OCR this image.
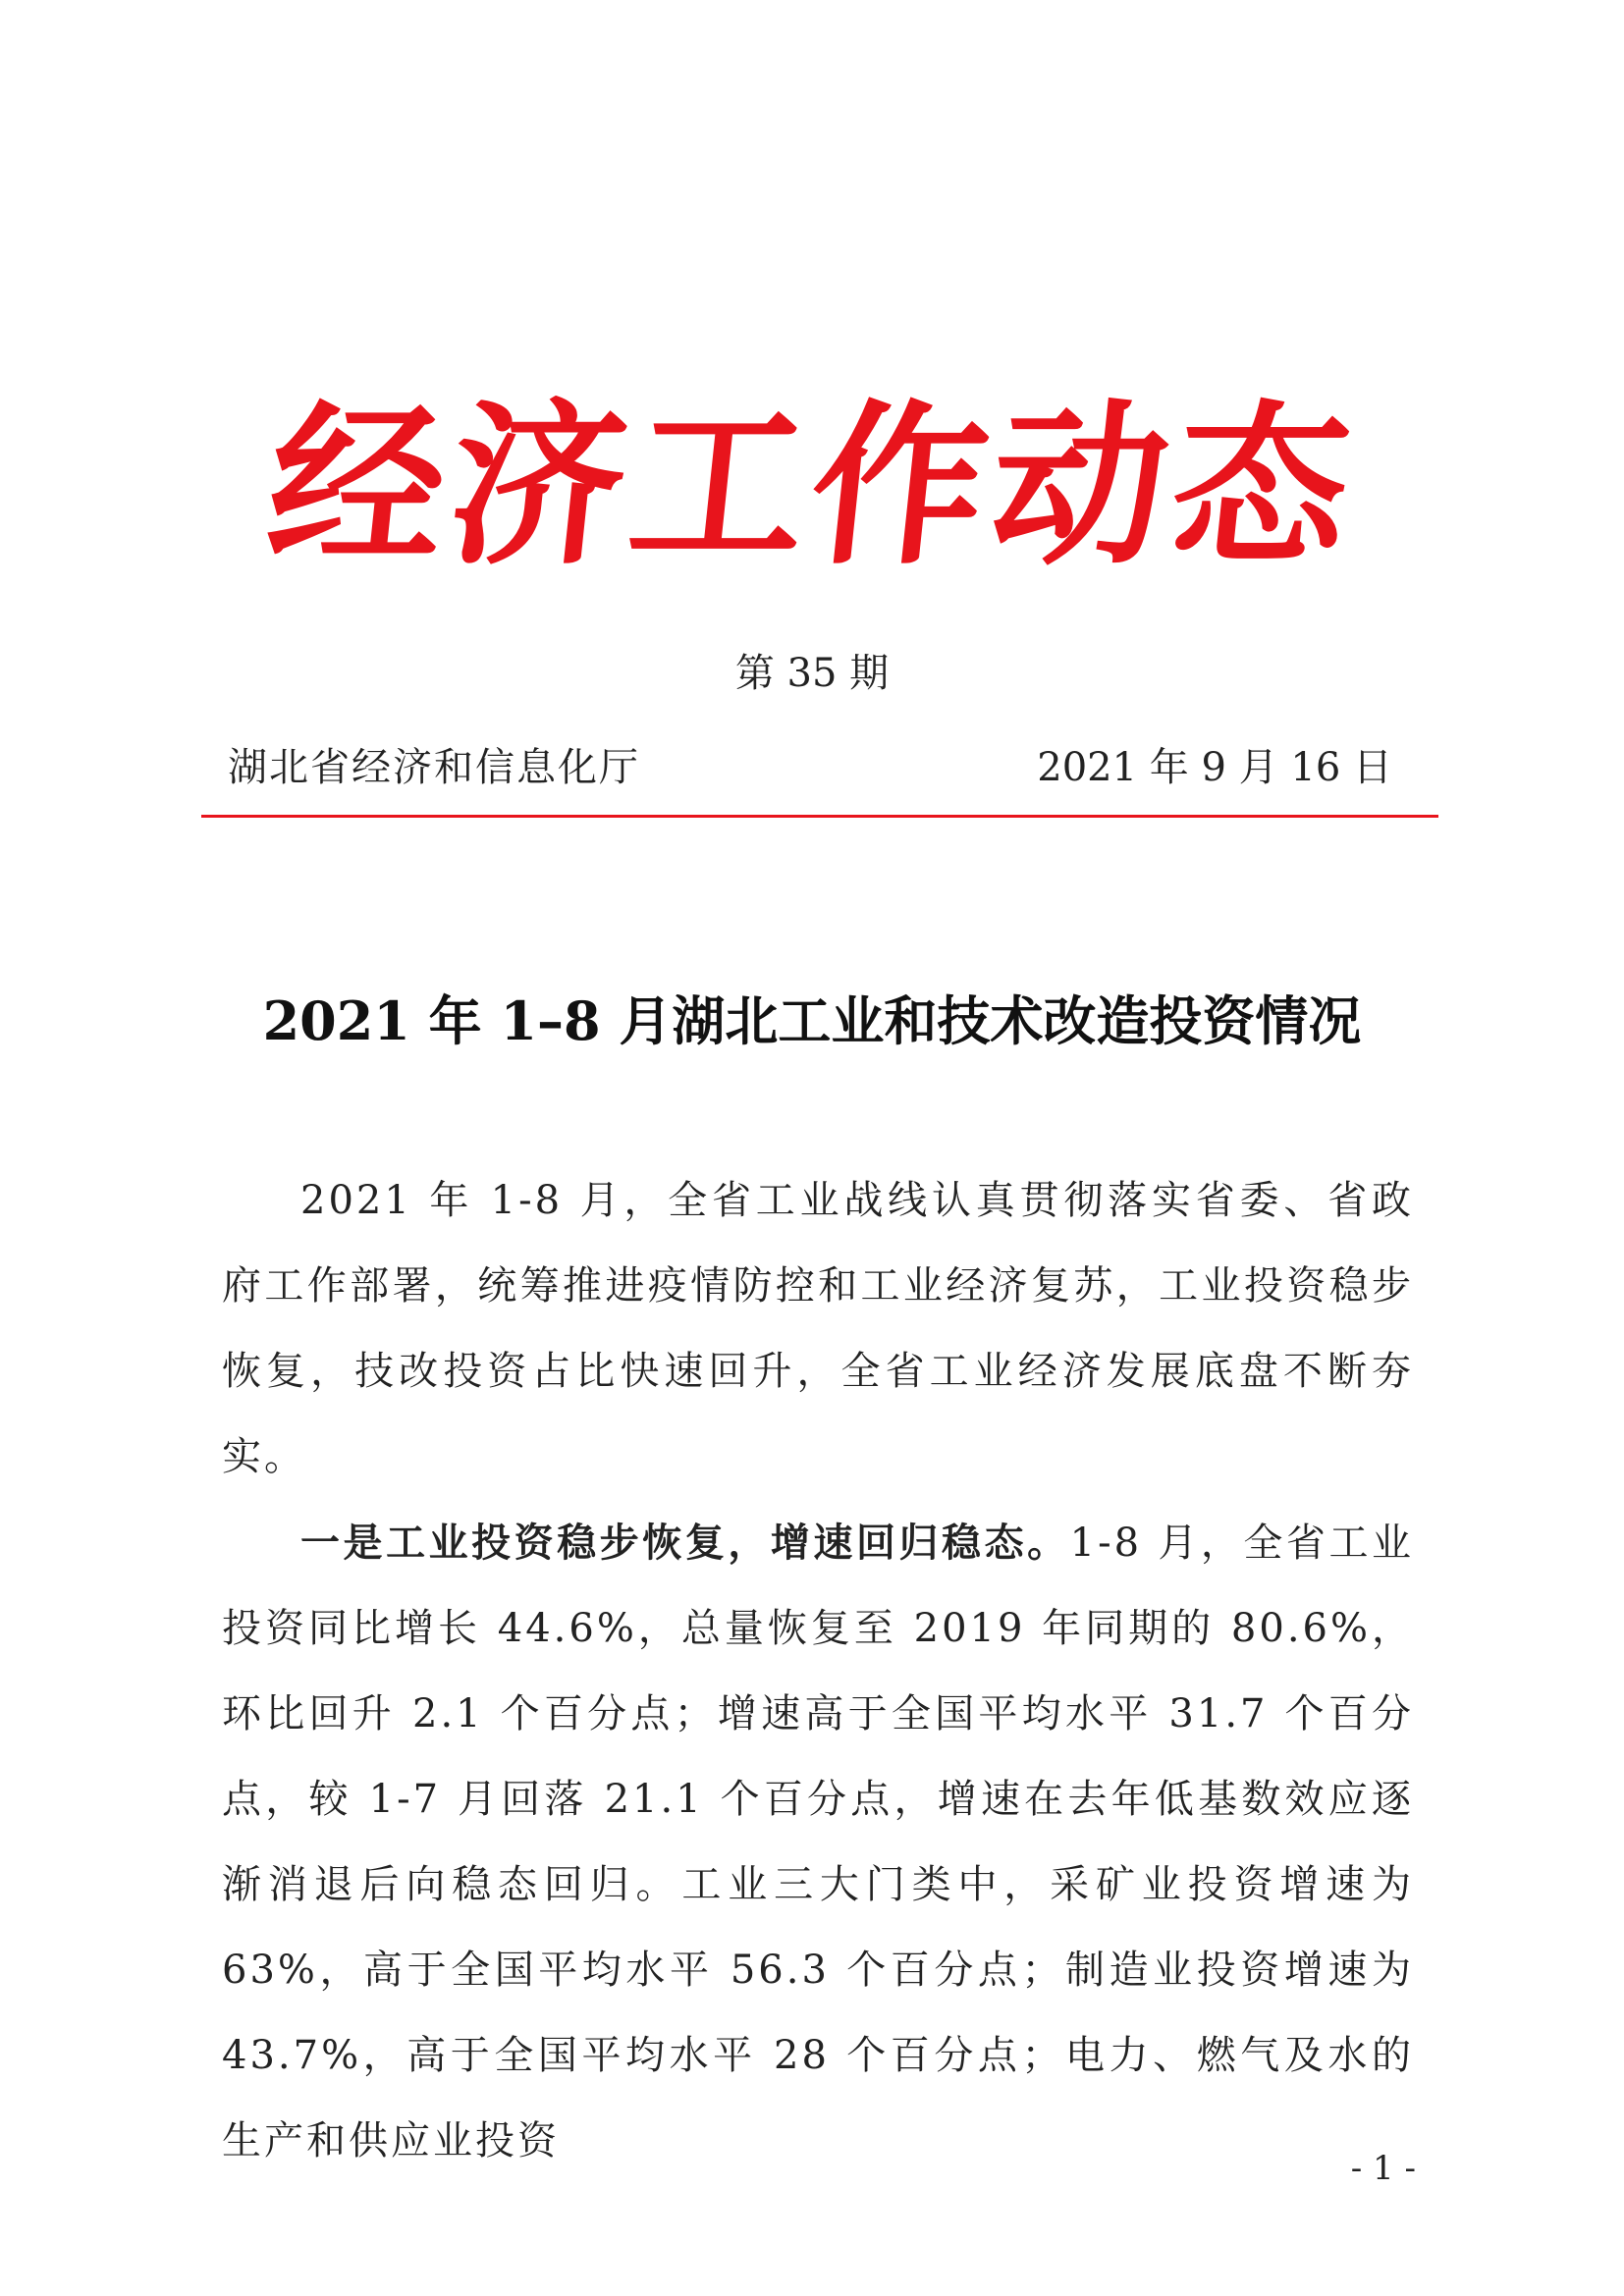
经济工作动态
第 35 期
湖北省经济和信息化厅	2021 年 9 月 16 日
2021 年 1–8 月湖北工业和技术改造投资情况

2021 年 1-8 月，全省工业战线认真贯彻落实省委、省政府工作部署，统筹推进疫情防控和工业经济复苏，工业投资稳步恢复，技改投资占比快速回升，全省工业经济发展底盘不断夯实。

一是工业投资稳步恢复，增速回归稳态。1-8 月，全省工业投资同比增长 44.6%，总量恢复至 2019 年同期的 80.6%，环比回升 2.1 个百分点；增速高于全国平均水平 31.7 个百分点，较 1-7 月回落 21.1 个百分点，增速在去年低基数效应逐渐消退后向稳态回归。工业三大门类中，采矿业投资增速为 63%，高于全国平均水平 56.3 个百分点；制造业投资增速为 43.7%，高于全国平均水平 28 个百分点；电力、燃气及水的生产和供应业投资

- 1 -
